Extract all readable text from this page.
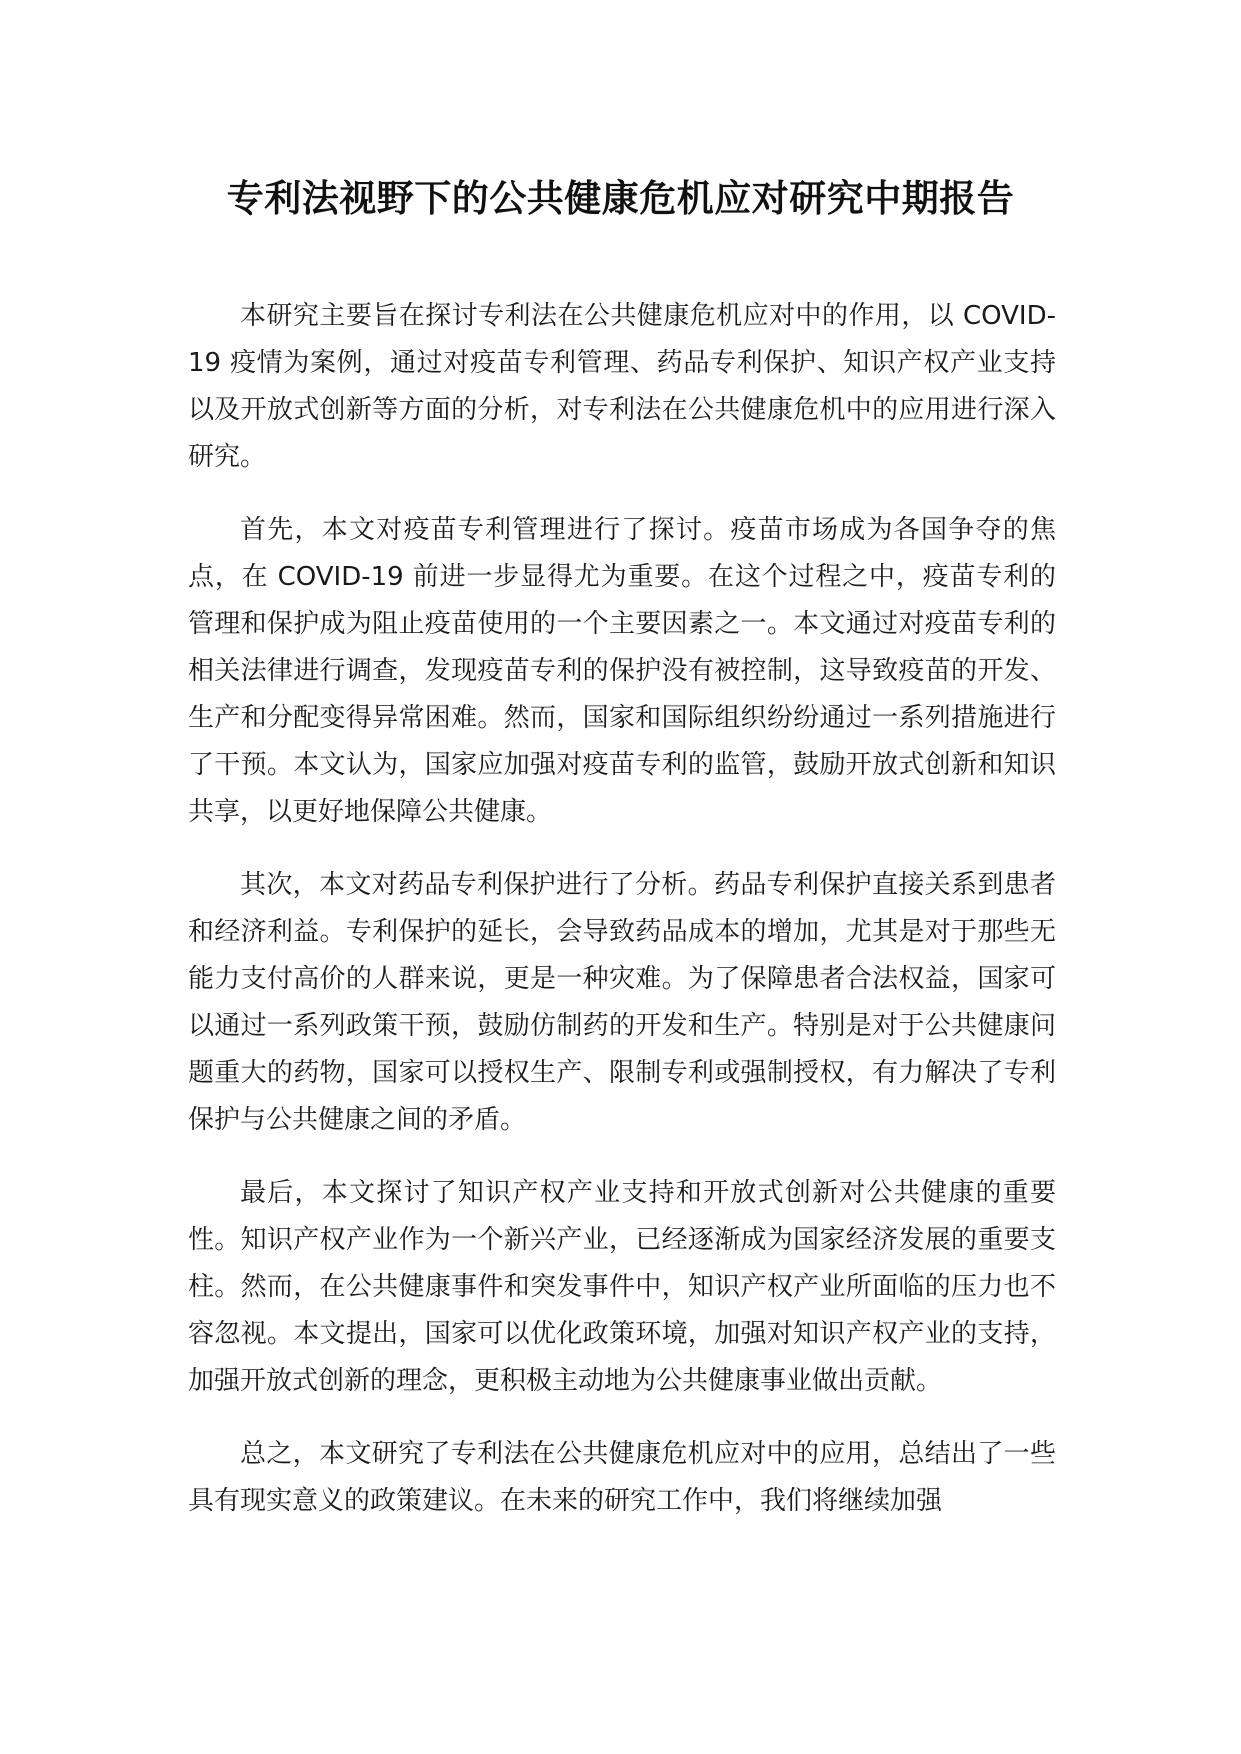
专利法视野下的公共健康危机应对研究中期报告

本研究主要旨在探讨专利法在公共健康危机应对中的作用，以 COVID-19 疫情为案例，通过对疫苗专利管理、药品专利保护、知识产权产业支持以及开放式创新等方面的分析，对专利法在公共健康危机中的应用进行深入研究。

首先，本文对疫苗专利管理进行了探讨。疫苗市场成为各国争夺的焦点，在 COVID-19 前进一步显得尤为重要。在这个过程之中，疫苗专利的管理和保护成为阻止疫苗使用的一个主要因素之一。本文通过对疫苗专利的相关法律进行调查，发现疫苗专利的保护没有被控制，这导致疫苗的开发、生产和分配变得异常困难。然而，国家和国际组织纷纷通过一系列措施进行了干预。本文认为，国家应加强对疫苗专利的监管，鼓励开放式创新和知识共享，以更好地保障公共健康。

其次，本文对药品专利保护进行了分析。药品专利保护直接关系到患者和经济利益。专利保护的延长，会导致药品成本的增加，尤其是对于那些无能力支付高价的人群来说，更是一种灾难。为了保障患者合法权益，国家可以通过一系列政策干预，鼓励仿制药的开发和生产。特别是对于公共健康问题重大的药物，国家可以授权生产、限制专利或强制授权，有力解决了专利保护与公共健康之间的矛盾。

最后，本文探讨了知识产权产业支持和开放式创新对公共健康的重要性。知识产权产业作为一个新兴产业，已经逐渐成为国家经济发展的重要支柱。然而，在公共健康事件和突发事件中，知识产权产业所面临的压力也不容忽视。本文提出，国家可以优化政策环境，加强对知识产权产业的支持，加强开放式创新的理念，更积极主动地为公共健康事业做出贡献。

总之，本文研究了专利法在公共健康危机应对中的应用，总结出了一些具有现实意义的政策建议。在未来的研究工作中，我们将继续加强
